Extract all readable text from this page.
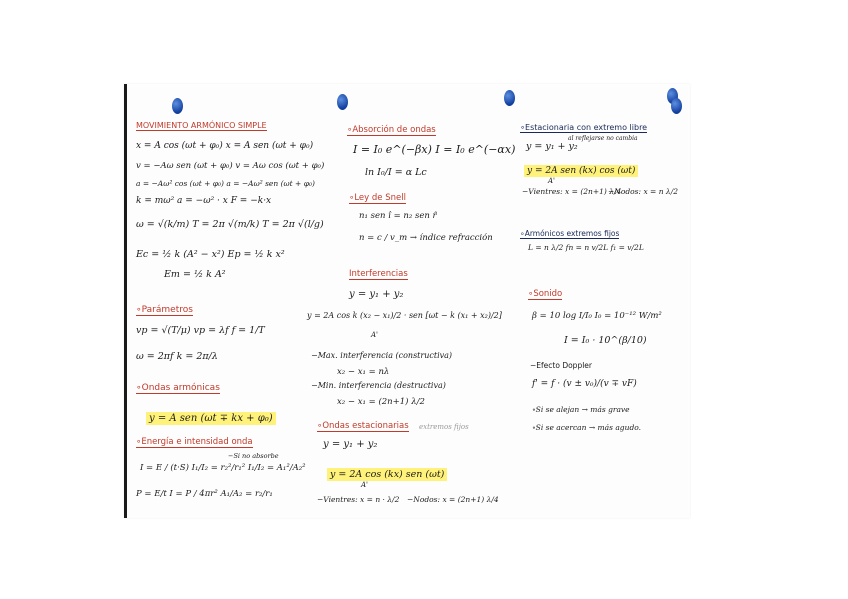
MOVIMIENTO ARMÓNICO SIMPLE
x = A cos (ωt + φ₀) x = A sen (ωt + φ₀)
v = −Aω sen (ωt + φ₀) v = Aω cos (ωt + φ₀)
a = −Aω² cos (ωt + φ₀) a = −Aω² sen (ωt + φ₀)
k = mω² a = −ω² · x F = −k·x
ω = √(k/m) T = 2π √(m/k) T = 2π √(l/g)
Ec = ½ k (A² − x²) Ep = ½ k x²
Em = ½ k A²
∘Parámetros
vp = √(T/μ) vp = λf f = 1/T
ω = 2πf k = 2π/λ
∘Ondas armónicas
y = A sen (ωt ∓ kx + φ₀)
∘Energía e intensidad onda
−Si no absorbe
I = E / (t·S) I₁/I₂ = r₂²/r₁² I₁/I₂ = A₁²/A₂²
P = E/t I = P / 4πr² A₁/A₂ = r₂/r₁
∘Absorción de ondas
I = I₀ e^(−βx) I = I₀ e^(−αx)
ln I₀/I = α Lc
∘Ley de Snell
n₁ sen î = n₂ sen r̂
n = c / v_m → índice refracción
Interferencias
y = y₁ + y₂
y = 2A cos k (x₂ − x₁)/2 · sen [ωt − k (x₁ + x₂)/2]
A'
−Max. interferencia (constructiva)
x₂ − x₁ = nλ
−Min. interferencia (destructiva)
x₂ − x₁ = (2n+1) λ/2
∘Ondas estacionarias extremos fijos
y = y₁ + y₂
y = 2A cos (kx) sen (ωt)
A'
−Vientres: x = n · λ/2 −Nodos: x = (2n+1) λ/4
∘Estacionaria con extremo libre
al reflejarse no cambia
y = y₁ + y₂
y = 2A sen (kx) cos (ωt)
A'
−Vientres: x = (2n+1) λ/4
−Nodos: x = n λ/2
∘Armónicos extremos fijos
L = n λ/2 fn = n v/2L f₁ = v/2L
∘Sonido
β = 10 log I/I₀ I₀ = 10⁻¹² W/m²
I = I₀ · 10^(β/10)
−Efecto Doppler
f' = f · (v ± v₀)/(v ∓ vF)
∘Si se alejan → más grave
∘Si se acercan → más agudo.
